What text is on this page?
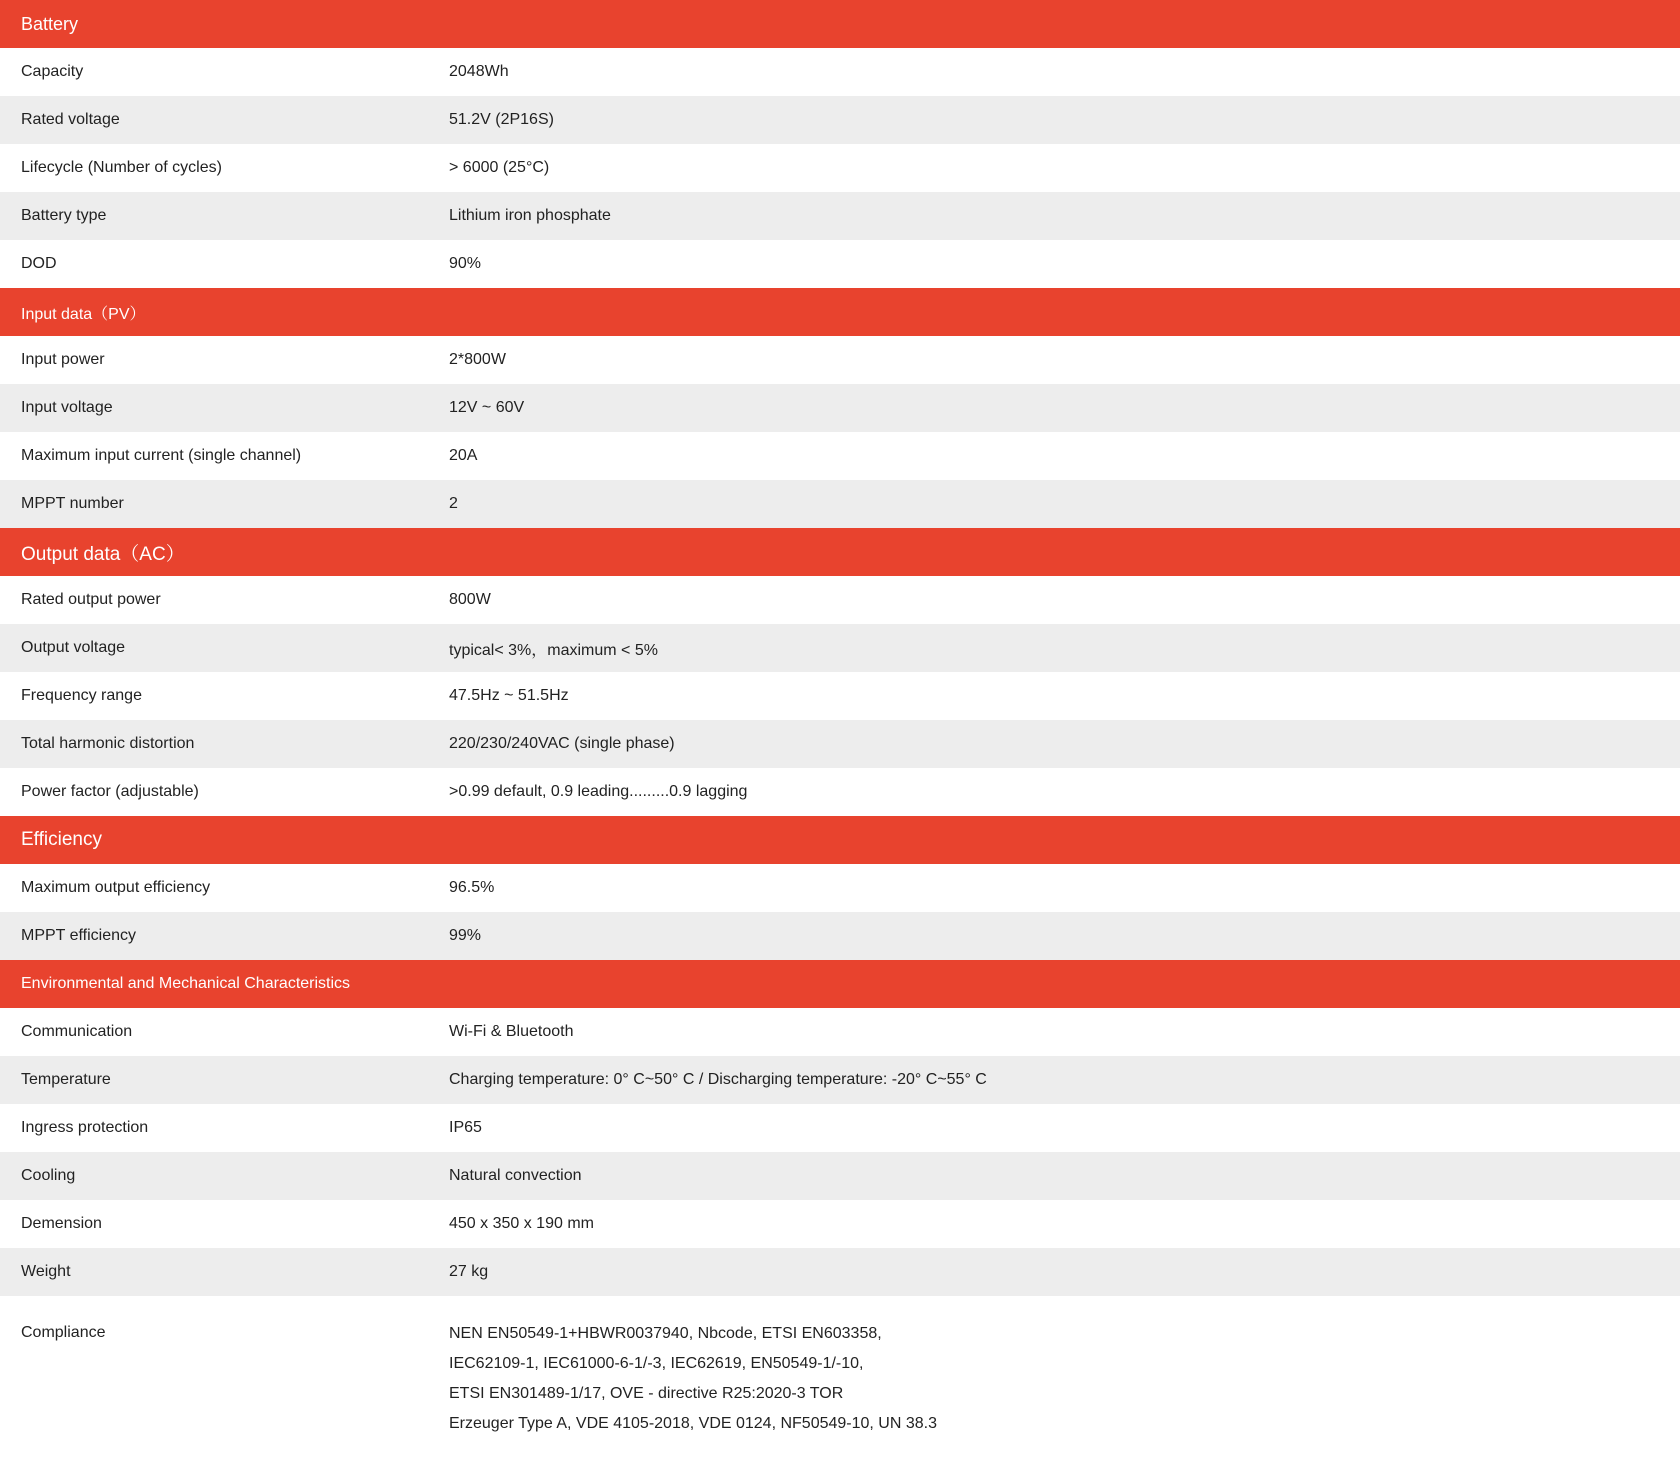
Battery
Capacity	2048Wh
Rated voltage	51.2V (2P16S)
Lifecycle (Number of cycles)	> 6000 (25°C)
Battery type	Lithium iron phosphate
DOD	90%
Input data（PV）
Input power	2*800W
Input voltage	12V ~ 60V
Maximum input current (single channel)	20A
MPPT number	2
Output data（AC）
Rated output power	800W
Output voltage	typical< 3%，maximum < 5%
Frequency range	47.5Hz ~ 51.5Hz
Total harmonic distortion	220/230/240VAC (single phase)
Power factor (adjustable)	>0.99 default, 0.9 leading.........0.9 lagging
Efficiency
Maximum output efficiency	96.5%
MPPT efficiency	99%
Environmental and Mechanical Characteristics
Communication	Wi-Fi & Bluetooth
Temperature	Charging temperature: 0° C~50° C / Discharging temperature: -20° C~55° C
Ingress protection	IP65
Cooling	Natural convection
Demension	450 x 350 x 190 mm
Weight	27 kg
Compliance	NEN EN50549-1+HBWR0037940, Nbcode, ETSI EN603358,
IEC62109-1, IEC61000-6-1/-3, IEC62619, EN50549-1/-10,
ETSI EN301489-1/17, OVE - directive R25:2020-3 TOR
Erzeuger Type A, VDE 4105-2018, VDE 0124, NF50549-10, UN 38.3
